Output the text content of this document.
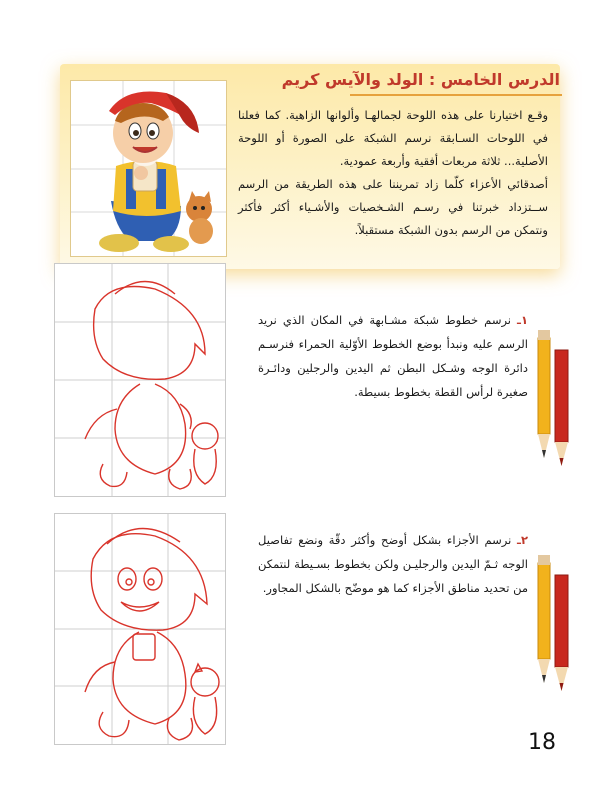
الدرس الخامس : الولد والآيس كريم

وقـع اختيارنا على هذه اللوحة لجمالهـا وألوانها الزاهية. كما فعلنا في اللوحات السـابقة نرسم الشبكة على الصورة أو اللوحة الأصلية... ثلاثة مربعات أفقية وأربعة عمودية.

أصدقائي الأعزاء كلّما زاد تمريننا على هذه الطريقة من الرسم ســتزداد خبرتنا في رسـم الشـخصيات والأشـياء أكثر فأكثر ونتمكن من الرسم بدون الشبكة مستقبلاً.

١ـ نرسم خطوط شبكة مشـابهة في المكان الذي نريد الرسم عليه ونبدأ بوضع الخطوط الأوّلية الحمراء فنرسـم دائرة الوجه وشـكل البطن ثم اليدين والرجلين ودائـرة صغيرة لرأس القطة بخطوط بسيطة.
٢ـ نرسم الأجزاء بشكل أوضح وأكثر دقّة ونضع تفاصيل الوجه ثـمّ اليدين والرجليـن ولكن بخطوط بسـيطة لنتمكن من تحديد مناطق الأجزاء كما هو موضّح بالشكل المجاور.
18
